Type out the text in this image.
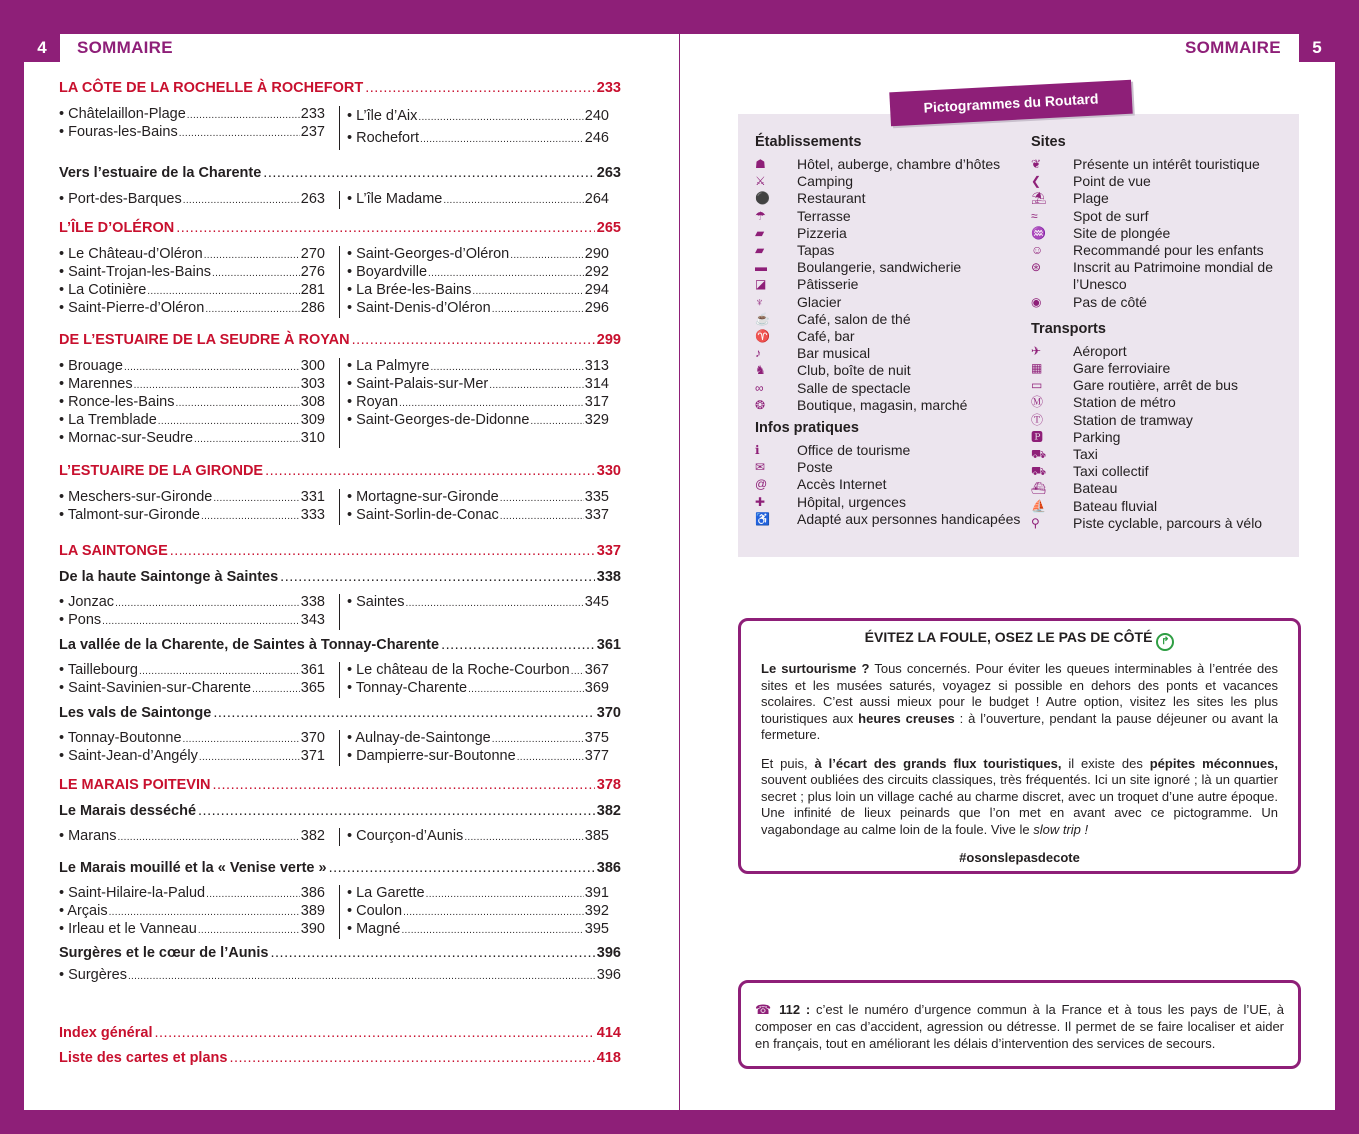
4	SOMMAIRE	SOMMAIRE	5
LA CÔTE DE LA ROCHELLE À ROCHEFORT .....	233
• Châtelaillon-Plage .....	233
• Fouras-les-Bains .....	237
• L’île d’Aix .....	240
• Rochefort .....	246
Vers l’estuaire de la Charente .....	263
• Port-des-Barques .....	263 • L’île Madame .....	264
L’ÎLE D’OLÉRON .....	265
• Le Château-d’Oléron .....	270
• Saint-Trojan-les-Bains .....	276
• La Cotinière .....	281
• Saint-Pierre-d’Oléron .....	286
• Saint-Georges-d’Oléron .....	290
• Boyardville .....	292
• La Brée-les-Bains .....	294
• Saint-Denis-d’Oléron .....	296
DE L’ESTUAIRE DE LA SEUDRE À ROYAN .....	299
• Brouage .....	300
• Marennes .....	303
• Ronce-les-Bains .....	308
• La Tremblade .....	309
• Mornac-sur-Seudre .....	310
• La Palmyre .....	313
• Saint-Palais-sur-Mer .....	314
• Royan .....	317
• Saint-Georges-de-Didonne .....	329
L’ESTUAIRE DE LA GIRONDE .....	330
• Meschers-sur-Gironde .....	331
• Talmont-sur-Gironde .....	333
• Mortagne-sur-Gironde .....	335
• Saint-Sorlin-de-Conac .....	337
LA SAINTONGE .....	337
De la haute Saintonge à Saintes .....	338
• Jonzac .....	338
• Pons .....	343
• Saintes .....	345
La vallée de la Charente, de Saintes à Tonnay-Charente .....	361
• Taillebourg .....	361
• Saint-Savinien-sur-Charente .....	365
• Le château de la Roche-Courbon ..... 367
• Tonnay-Charente .....	369
Les vals de Saintonge .....	370
• Tonnay-Boutonne .....	370
• Saint-Jean-d’Angély .....	371
• Aulnay-de-Saintonge .....	375
• Dampierre-sur-Boutonne .....	377
LE MARAIS POITEVIN .....	378
Le Marais desséché .....	382
• Marans .....	382 • Courçon-d’Aunis .....	385
Le Marais mouillé et la « Venise verte » .....	386
• Saint-Hilaire-la-Palud .....	386
• Arçais .....	389
• Irleau et le Vanneau .....	390
• La Garette .....	391
• Coulon .....	392
• Magné .....	395
Surgères et le cœur de l’Aunis .....	396
• Surgères .....	396
Index général .....	414
Liste des cartes et plans .....	418
Établissements
☗	Hôtel, auberge, chambre d’hôtes
⚔	Camping
⚫	Restaurant
☂	Terrasse
▰	Pizzeria
▰	Tapas
▬	Boulangerie, sandwicherie
◪	Pâtisserie
♆	Glacier
☕	Café, salon de thé
♈	Café, bar
♪	Bar musical
♞	Club, boîte de nuit
∞	Salle de spectacle
❂	Boutique, magasin, marché
Infos pratiques
ℹ	Office de tourisme
✉	Poste
@	Accès Internet
✚	Hôpital, urgences
♿	Adapté aux personnes handicapées
Sites
❦	Présente un intérêt touristique
❮	Point de vue
⛱	Plage
≈	Spot de surf
♒	Site de plongée
☺	Recommandé pour les enfants
⊛	Inscrit au Patrimoine mondial de l’Unesco
◉	Pas de côté
Transports
✈	Aéroport
▦	Gare ferroviaire
▭	Gare routière, arrêt de bus
Ⓜ	Station de métro
Ⓣ	Station de tramway
🅿	Parking
⛟	Taxi
⛟	Taxi collectif
⛴	Bateau
⛵	Bateau fluvial
⚲	Piste cyclable, parcours à vélo
Pictogrammes du Routard
ÉVITEZ LA FOULE, OSEZ LE PAS DE CÔTÉ ↱

Le surtourisme ? Tous concernés. Pour éviter les queues interminables à l’entrée des sites et les musées saturés, voyagez si possible en dehors des ponts et vacances scolaires. C’est aussi mieux pour le budget ! Autre option, visitez les sites les plus touristiques aux heures creuses : à l’ouverture, pendant la pause déjeuner ou avant la fermeture.

Et puis, à l’écart des grands flux touristiques, il existe des pépites méconnues, souvent oubliées des circuits classiques, très fréquentés. Ici un site ignoré ; là un quartier secret ; plus loin un village caché au charme discret, avec un troquet d’une autre époque. Une infinité de lieux peinards que l’on met en avant avec ce pictogramme. Un vagabondage au calme loin de la foule. Vive le slow trip !

#osonslepasdecote

☎ 112 : c’est le numéro d’urgence commun à la France et à tous les pays de l’UE, à composer en cas d’accident, agression ou détresse. Il permet de se faire localiser et aider en français, tout en améliorant les délais d’intervention des services de secours.
